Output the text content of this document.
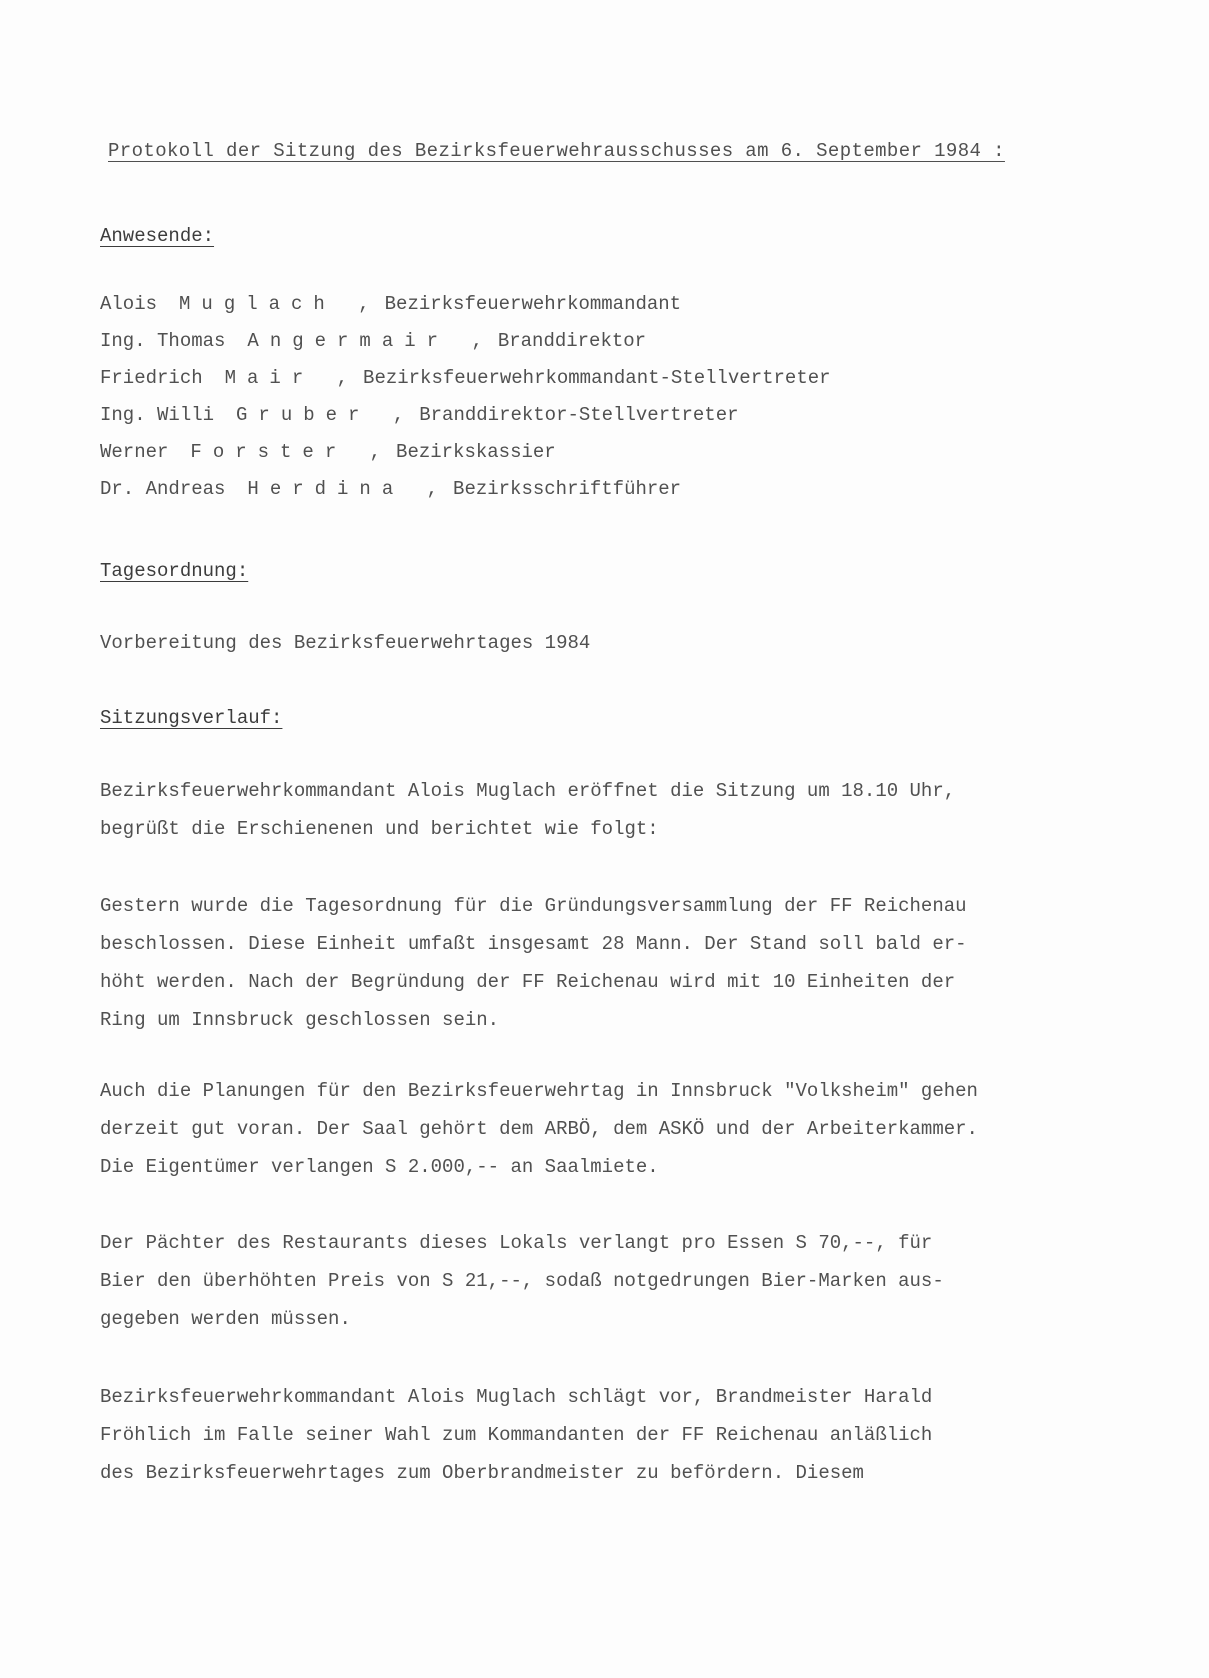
Protokoll der Sitzung des Bezirksfeuerwehrausschusses am 6. September 1984 :
Anwesende:
Alois Muglach , Bezirksfeuerwehrkommandant
Ing. Thomas Angermair , Branddirektor
Friedrich Mair , Bezirksfeuerwehrkommandant-Stellvertreter
Ing. Willi Gruber , Branddirektor-Stellvertreter
Werner Forster , Bezirkskassier
Dr. Andreas Herdina , Bezirksschriftführer
Tagesordnung:
Vorbereitung des Bezirksfeuerwehrtages 1984
Sitzungsverlauf:

Bezirksfeuerwehrkommandant Alois Muglach eröffnet die Sitzung um 18.10 Uhr,
begrüßt die Erschienenen und berichtet wie folgt:

Gestern wurde die Tagesordnung für die Gründungsversammlung der FF Reichenau
beschlossen. Diese Einheit umfaßt insgesamt 28 Mann. Der Stand soll bald er-
höht werden. Nach der Begründung der FF Reichenau wird mit 10 Einheiten der
Ring um Innsbruck geschlossen sein.

Auch die Planungen für den Bezirksfeuerwehrtag in Innsbruck "Volksheim" gehen
derzeit gut voran. Der Saal gehört dem ARBÖ, dem ASKÖ und der Arbeiterkammer.
Die Eigentümer verlangen S 2.000,-- an Saalmiete.

Der Pächter des Restaurants dieses Lokals verlangt pro Essen S 70,--, für
Bier den überhöhten Preis von S 21,--, sodaß notgedrungen Bier-Marken aus-
gegeben werden müssen.

Bezirksfeuerwehrkommandant Alois Muglach schlägt vor, Brandmeister Harald
Fröhlich im Falle seiner Wahl zum Kommandanten der FF Reichenau anläßlich
des Bezirksfeuerwehrtages zum Oberbrandmeister zu befördern. Diesem
